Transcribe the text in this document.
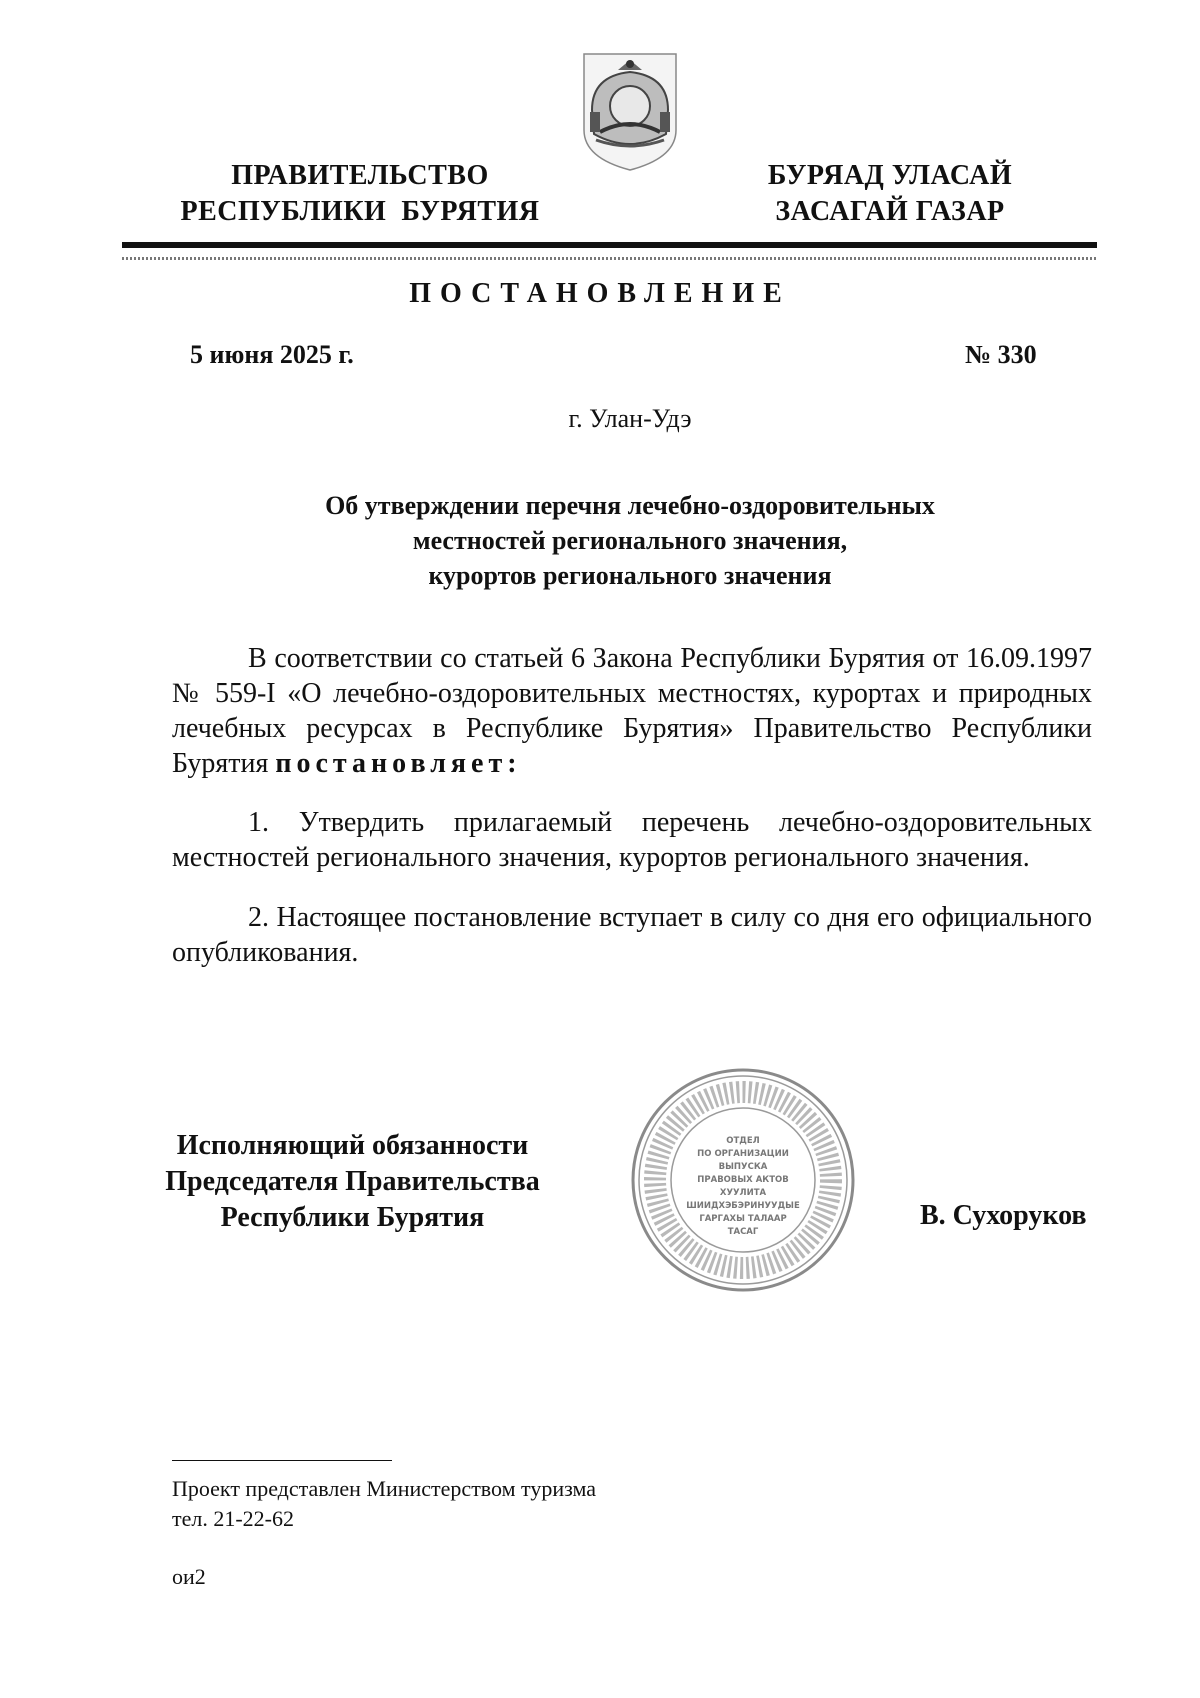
ПРАВИТЕЛЬСТВО
РЕСПУБЛИКИ  БУРЯТИЯ
БУРЯАД УЛАСАЙ
ЗАСАГАЙ ГАЗАР
ПОСТАНОВЛЕНИЕ
5 июня 2025 г.	№ 330
г. Улан-Удэ
Об утверждении перечня лечебно-оздоровительных
местностей регионального значения,
курортов регионального значения

В соответствии со статьей 6 Закона Республики Бурятия от 16.09.1997 № 559-I «О лечебно-оздоровительных местностях, курортах и природных лечебных ресурсах в Республике Бурятия» Правительство Республики Бурятия постановляет:

1. Утвердить прилагаемый перечень лечебно-оздоровительных местностей регионального значения, курортов регионального значения.

2. Настоящее постановление вступает в силу со дня его официального опубликования.

Исполняющий обязанности
Председателя Правительства
Республики Бурятия
ОТДЕЛ
ПО ОРГАНИЗАЦИИ
ВЫПУСКА
ПРАВОВЫХ АКТОВ
ХУУЛИТА
ШИИДХЭБЭРИНУУДЫЕ
ГАРГАХЫ ТАЛААР
ТАСАГ
В. Сухоруков
Проект представлен Министерством туризма
тел. 21-22-62
ои2
